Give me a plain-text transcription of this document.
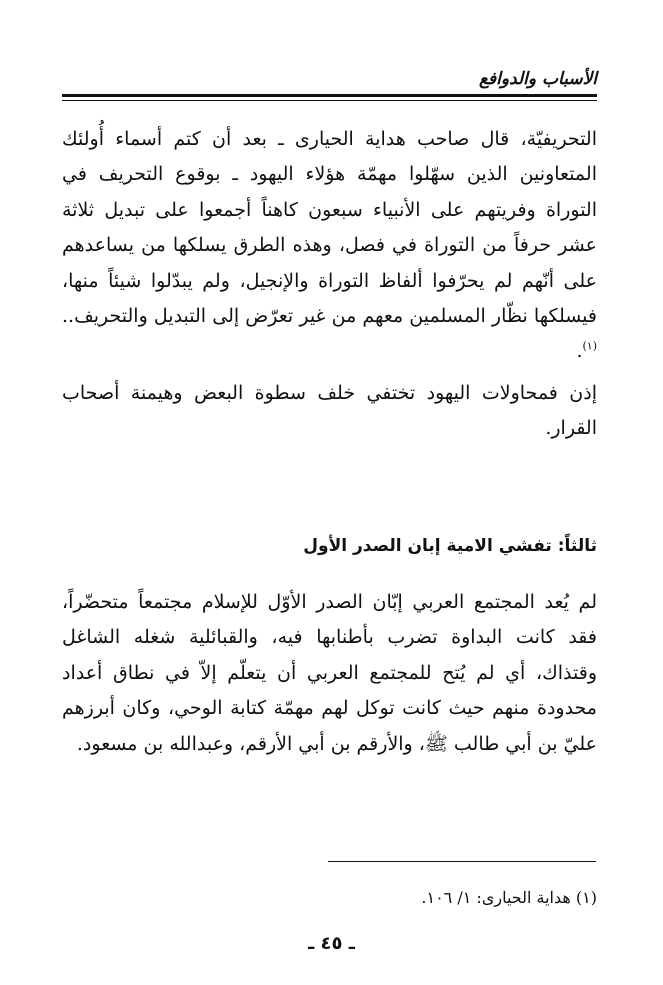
الأسباب والدوافع

التحريفيّة، قال صاحب هداية الحيارى ـ بعد أن كتم أسماء أُولئك المتعاونين الذين سهّلوا مهمّة هؤلاء اليهود ـ بوقوع التحريف في التوراة وفريتهم على الأنبياء سبعون كاهناً أجمعوا على تبديل ثلاثة عشر حرفاً من التوراة في فصل، وهذه الطرق يسلكها من يساعدهم على أنّهم لم يحرّفوا ألفاظ التوراة والإنجيل، ولم يبدّلوا شيئاً منها، فيسلكها نظّار المسلمين معهم من غير تعرّض إلى التبديل والتحريف..$^{(١)}$.

إذن فمحاولات اليهود تختفي خلف سطوة البعض وهيمنة أصحاب القرار.

ثالثاً: تفشي الامية إبان الصدر الأول

لم يُعد المجتمع العربي إبّان الصدر الأوّل للإسلام مجتمعاً متحضّراً، فقد كانت البداوة تضرب بأطنابها فيه، والقبائلية شغله الشاغل وقتذاك، أي لم يُتح للمجتمع العربي أن يتعلّم إلاّ في نطاق أعداد محدودة منهم حيث كانت توكل لهم مهمّة كتابة الوحي، وكان أبرزهم عليّ بن أبي طالب ﷺ، والأرقم بن أبي الأرقم، وعبدالله بن مسعود.

(١) هداية الحيارى: ١/ ١٠٦.
ـ ٤٥ ـ
